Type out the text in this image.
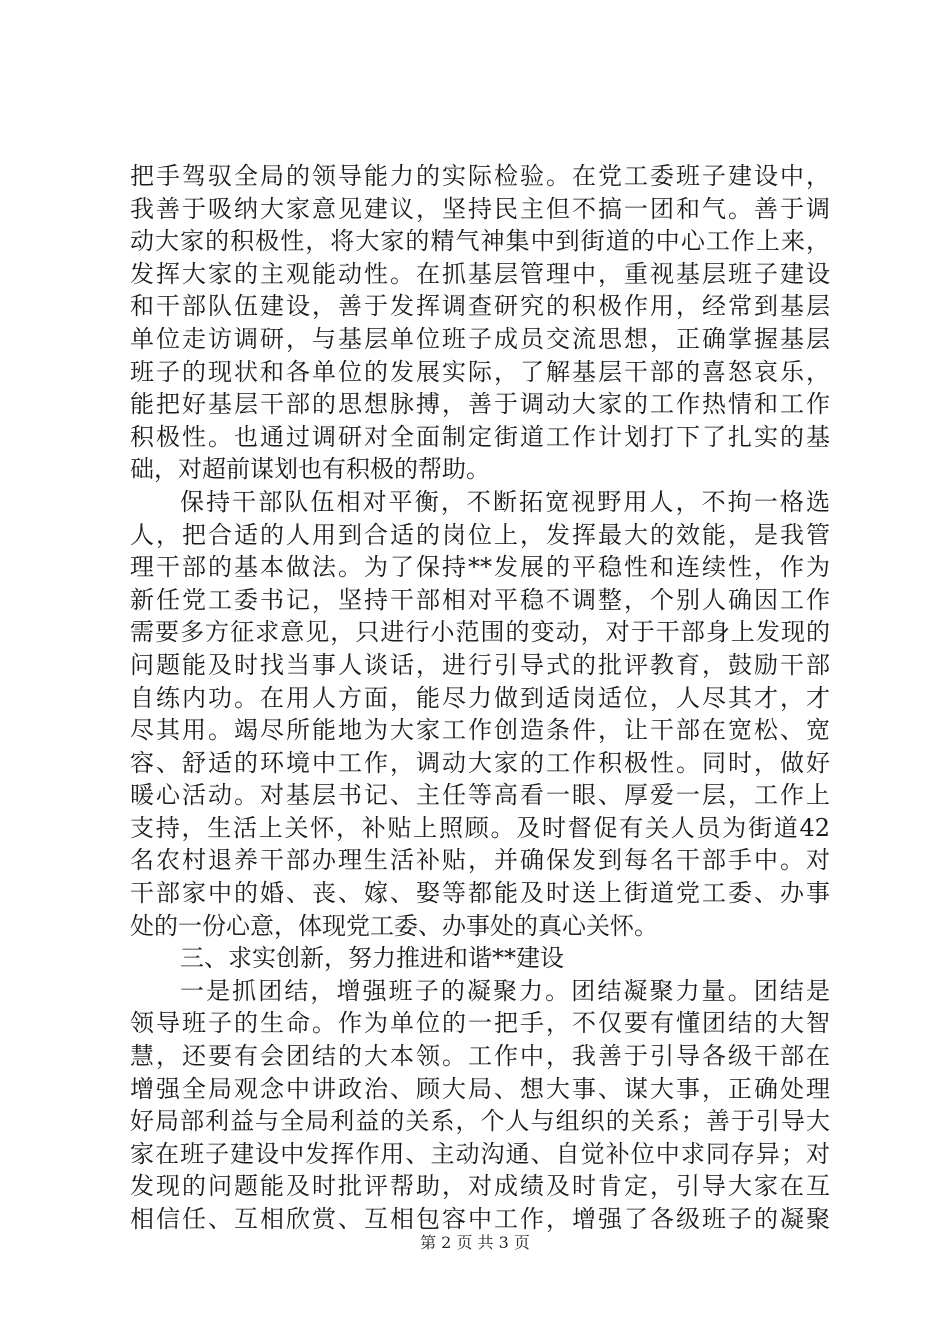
把手驾驭全局的领导能力的实际检验。在党工委班子建设中，
我善于吸纳大家意见建议，坚持民主但不搞一团和气。善于调
动大家的积极性，将大家的精气神集中到街道的中心工作上来，
发挥大家的主观能动性。在抓基层管理中，重视基层班子建设
和干部队伍建设，善于发挥调查研究的积极作用，经常到基层
单位走访调研，与基层单位班子成员交流思想，正确掌握基层
班子的现状和各单位的发展实际，了解基层干部的喜怒哀乐，
能把好基层干部的思想脉搏，善于调动大家的工作热情和工作
积极性。也通过调研对全面制定街道工作计划打下了扎实的基
础，对超前谋划也有积极的帮助。
保持干部队伍相对平衡，不断拓宽视野用人，不拘一格选
人，把合适的人用到合适的岗位上，发挥最大的效能，是我管
理干部的基本做法。为了保持**发展的平稳性和连续性，作为
新任党工委书记，坚持干部相对平稳不调整，个别人确因工作
需要多方征求意见，只进行小范围的变动，对于干部身上发现的
问题能及时找当事人谈话，进行引导式的批评教育，鼓励干部
自练内功。在用人方面，能尽力做到适岗适位，人尽其才，才
尽其用。竭尽所能地为大家工作创造条件，让干部在宽松、宽
容、舒适的环境中工作，调动大家的工作积极性。同时，做好
暖心活动。对基层书记、主任等高看一眼、厚爱一层，工作上
支持，生活上关怀，补贴上照顾。及时督促有关人员为街道42
名农村退养干部办理生活补贴，并确保发到每名干部手中。对
干部家中的婚、丧、嫁、娶等都能及时送上街道党工委、办事
处的一份心意，体现党工委、办事处的真心关怀。
三、求实创新，努力推进和谐**建设
一是抓团结，增强班子的凝聚力。团结凝聚力量。团结是
领导班子的生命。作为单位的一把手，不仅要有懂团结的大智
慧，还要有会团结的大本领。工作中，我善于引导各级干部在
增强全局观念中讲政治、顾大局、想大事、谋大事，正确处理
好局部利益与全局利益的关系，个人与组织的关系；善于引导大
家在班子建设中发挥作用、主动沟通、自觉补位中求同存异；对
发现的问题能及时批评帮助，对成绩及时肯定，引导大家在互
相信任、互相欣赏、互相包容中工作，增强了各级班子的凝聚
第 2 页 共 3 页
